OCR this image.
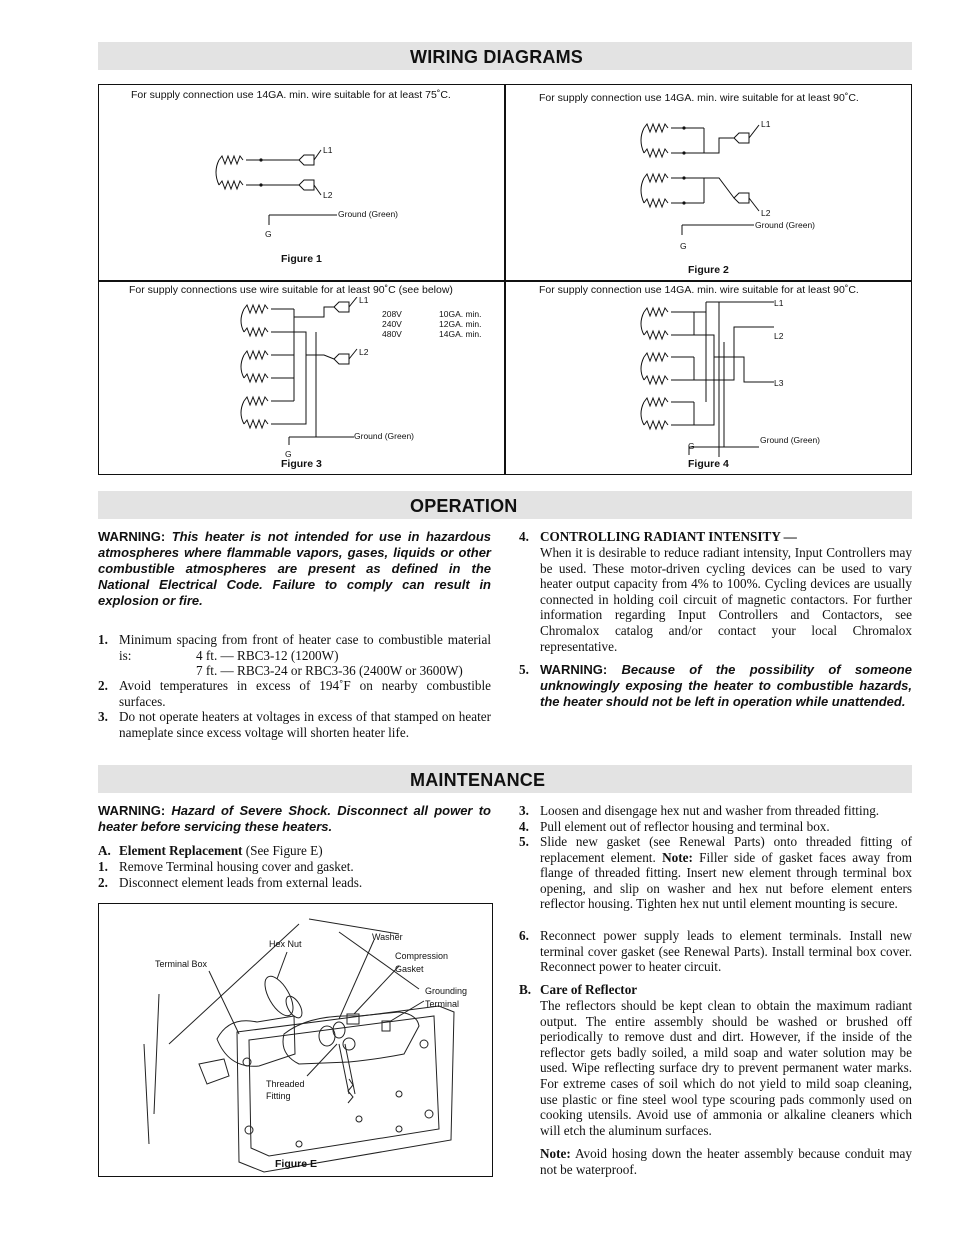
WIRING DIAGRAMS
For supply connection use 14GA. min. wire suitable for at least 75˚C.
L1
L2
Ground (Green)
G
Figure 1
For supply connection use 14GA. min. wire suitable for at least 90˚C.
L1
L2
Ground (Green)
G
Figure 2
For supply connections use wire suitable for at least 90˚C (see below)
L1
L2
Ground (Green)
G
208V
240V
480V
10GA. min.
12GA. min.
14GA. min.
Figure 3
For supply connection use 14GA. min. wire suitable for at least 90˚C.
L1
L2
L3
Ground (Green)
G
Figure 4
OPERATION
WARNING: This heater is not intended for use in hazardous atmospheres where flammable vapors, gases, liquids or other combustible atmospheres are present as defined in the National Electrical Code. Failure to comply can result in explosion or fire.
1. Minimum spacing from front of heater case to combustible material is:	4 ft. — RBC3-12 (1200W)
7 ft. — RBC3-24 or RBC3-36 (2400W or 3600W)
2. Avoid temperatures in excess of 194˚F on nearby combustible surfaces.
3. Do not operate heaters at voltages in excess of that stamped on heater nameplate since excess voltage will shorten heater life.
4. CONTROLLING RADIANT INTENSITY —
When it is desirable to reduce radiant intensity, Input Controllers may be used. These motor-driven cycling devices can be used to vary heater output capacity from 4% to 100%. Cycling devices are usually connected in holding coil circuit of magnetic contactors. For further information regarding Input Controllers and Contactors, see Chromalox catalog and/or contact your local Chromalox representative.
5. WARNING: Because of the possibility of someone unknowingly exposing the heater to combustible hazards, the heater should not be left in operation while unattended.
MAINTENANCE
WARNING: Hazard of Severe Shock. Disconnect all power to heater before servicing these heaters.
A. Element Replacement (See Figure E)
1. Remove Terminal housing cover and gasket.
2. Disconnect element leads from external leads.
Terminal Box
Hex Nut
Washer
Compression
Gasket
Grounding
Terminal
Threaded
Fitting
Figure E
3. Loosen and disengage hex nut and washer from threaded fitting.
4. Pull element out of reflector housing and terminal box.
5. Slide new gasket (see Renewal Parts) onto threaded fitting of replacement element. Note: Filler side of gasket faces away from flange of threaded fitting. Insert new element through terminal box opening, and slip on washer and hex nut before element enters reflector housing. Tighten hex nut until element mounting is secure.
6. Reconnect power supply leads to element terminals. Install new terminal cover gasket (see Renewal Parts). Install terminal box cover. Reconnect power to heater circuit.
B. Care of Reflector
The reflectors should be kept clean to obtain the maximum radiant output. The entire assembly should be washed or brushed off periodically to remove dust and dirt. However, if the inside of the reflector gets badly soiled, a mild soap and water solution may be used. Wipe reflecting surface dry to prevent permanent water marks. For extreme cases of soil which do not yield to mild soap cleaning, use plastic or fine steel wool type scouring pads commonly used on cooking utensils. Avoid use of ammonia or alkaline cleaners which will etch the aluminum surfaces.
Note: Avoid hosing down the heater assembly because conduit may not be waterproof.
